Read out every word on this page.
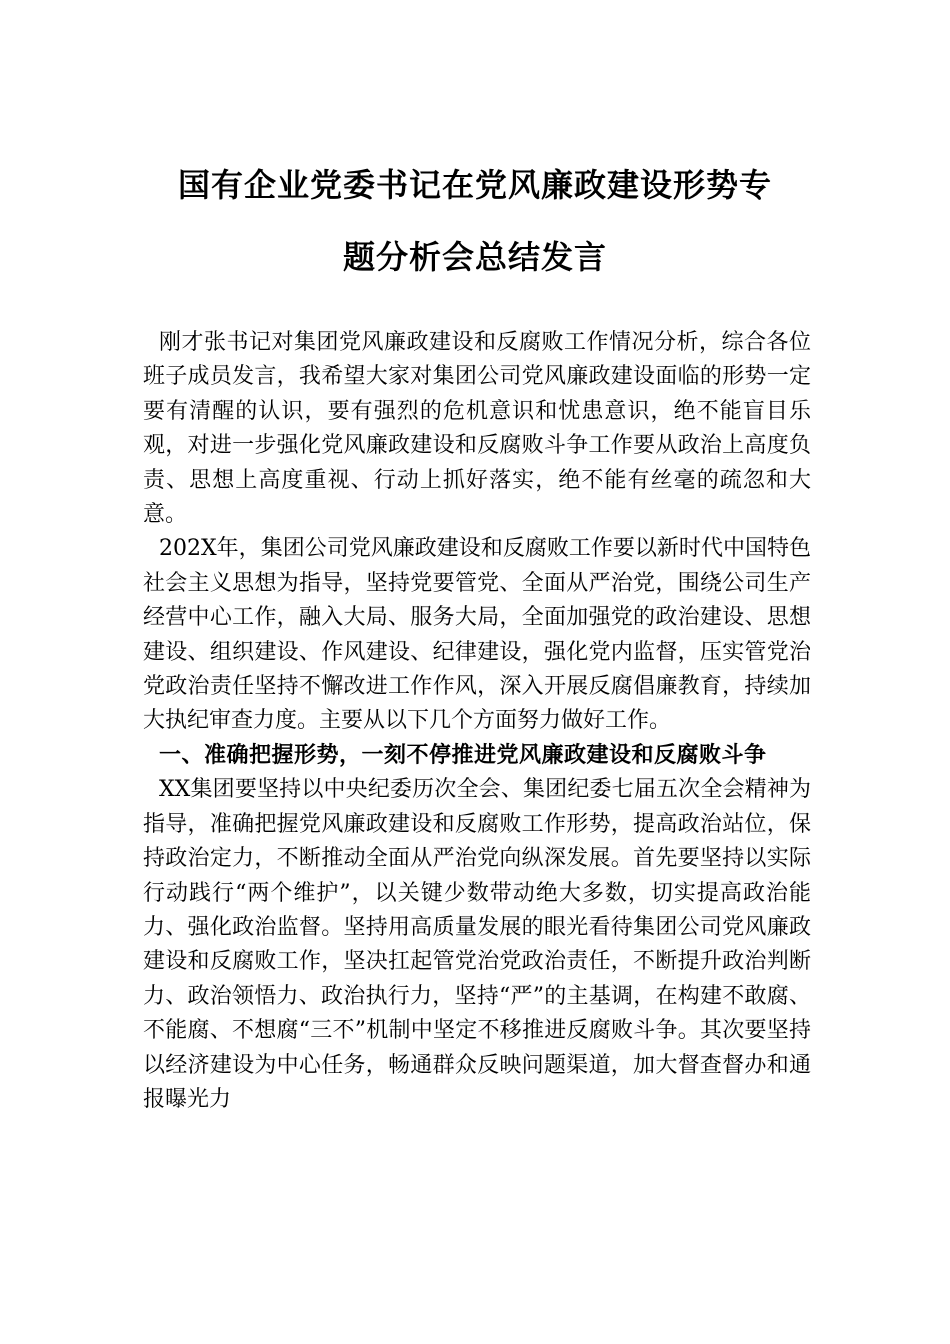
国有企业党委书记在党风廉政建设形势专
题分析会总结发言

刚才张书记对集团党风廉政建设和反腐败工作情况分析，综合各位班子成员发言，我希望大家对集团公司党风廉政建设面临的形势一定要有清醒的认识，要有强烈的危机意识和忧患意识，绝不能盲目乐观，对进一步强化党风廉政建设和反腐败斗争工作要从政治上高度负责、思想上高度重视、行动上抓好落实，绝不能有丝毫的疏忽和大意。

202X年，集团公司党风廉政建设和反腐败工作要以新时代中国特色社会主义思想为指导，坚持党要管党、全面从严治党，围绕公司生产经营中心工作，融入大局、服务大局，全面加强党的政治建设、思想建设、组织建设、作风建设、纪律建设，强化党内监督，压实管党治党政治责任坚持不懈改进工作作风，深入开展反腐倡廉教育，持续加大执纪审查力度。主要从以下几个方面努力做好工作。

一、准确把握形势，一刻不停推进党风廉政建设和反腐败斗争

XX集团要坚持以中央纪委历次全会、集团纪委七届五次全会精神为指导，准确把握党风廉政建设和反腐败工作形势，提高政治站位，保持政治定力，不断推动全面从严治党向纵深发展。首先要坚持以实际行动践行“两个维护”，以关键少数带动绝大多数，切实提高政治能力、强化政治监督。坚持用高质量发展的眼光看待集团公司党风廉政建设和反腐败工作，坚决扛起管党治党政治责任，不断提升政治判断力、政治领悟力、政治执行力，坚持“严”的主基调，在构建不敢腐、不能腐、不想腐“三不”机制中坚定不移推进反腐败斗争。其次要坚持以经济建设为中心任务，畅通群众反映问题渠道，加大督查督办和通报曝光力
